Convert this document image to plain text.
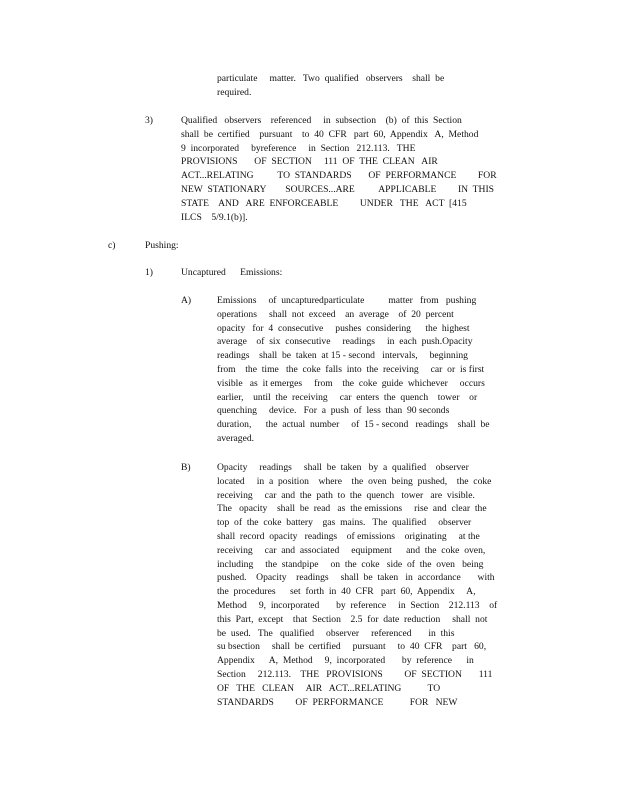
particulate     matter.   Two  qualified   observers    shall  be
required.
3)	Qualified   observers    referenced     in  subsection    (b)  of  this  Section
shall  be  certified    pursuant    to  40  CFR   part  60,  Appendix   A,  Method
9  incorporated     byreference     in  Section   212.113.   THE
PROVISIONS       OF  SECTION     111  OF  THE  CLEAN   AIR
ACT...RELATING          TO  STANDARDS       OF  PERFORMANCE         FOR
NEW  STATIONARY        SOURCES...ARE          APPLICABLE         IN  THIS
STATE    AND   ARE  ENFORCEABLE         UNDER   THE   ACT  [415
ILCS    5/9.1(b)].
c)	Pushing:
1)	Uncaptured      Emissions:
A)	Emissions     of  uncapturedparticulate          matter   from   pushing
operations     shall  not  exceed    an  average    of  20  percent
opacity   for  4  consecutive     pushes  considering      the  highest
average    of  six  consecutive     readings     in  each  push.Opacity
readings    shall  be  taken  at 15 - second   intervals,     beginning
from    the  time   the  coke  falls  into  the  receiving     car  or  is first
visible   as  it emerges     from    the  coke  guide  whichever     occurs
earlier,    until  the  receiving     car  enters  the  quench    tower    or
quenching     device.   For  a  push  of  less  than  90 seconds
duration,      the  actual  number     of  15 - second   readings    shall  be
averaged.
B)	Opacity     readings     shall  be  taken   by  a  qualified    observer
located     in  a  position    where    the  oven  being  pushed,    the  coke
receiving     car  and  the  path  to  the  quench   tower   are  visible.
The   opacity    shall  be  read   as  the emissions     rise  and  clear  the
top  of  the  coke  battery    gas  mains.   The  qualified     observer
shall  record  opacity   readings    of emissions    originating     at the
receiving     car  and  associated     equipment      and  the  coke  oven,
including     the  standpipe     on  the  coke   side  of  the  oven   being
pushed.    Opacity    readings     shall  be  taken   in  accordance       with
the  procedures      set  forth  in  40  CFR   part  60,  Appendix     A,
Method     9,  incorporated       by  reference     in  Section    212.113    of
this  Part,  except    that  Section    2.5  for  date  reduction     shall  not
be  used.   The   qualified     observer     referenced       in  this
su bsection     shall  be  certified     pursuant     to  40  CFR    part   60,
Appendix      A,  Method     9,  incorporated       by  reference      in
Section     212.113.    THE   PROVISIONS         OF  SECTION       111
OF   THE   CLEAN     AIR   ACT...RELATING           TO
STANDARDS         OF  PERFORMANCE           FOR   NEW
